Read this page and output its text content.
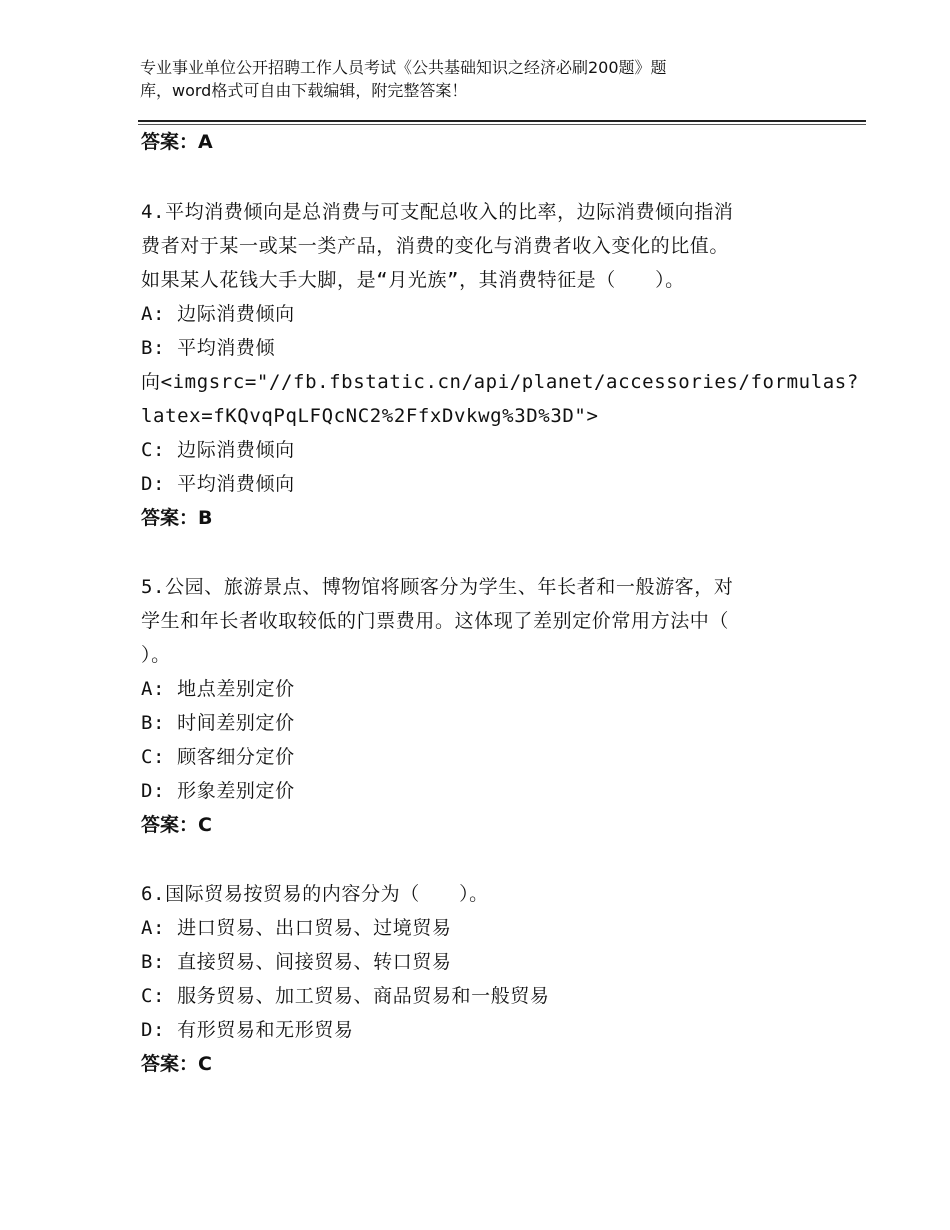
专业事业单位公开招聘工作人员考试《公共基础知识之经济必刷200题》题
库，word格式可自由下载编辑，附完整答案！
答案：A
4.平均消费倾向是总消费与可支配总收入的比率，边际消费倾向指消
费者对于某一或某一类产品，消费的变化与消费者收入变化的比值。
如果某人花钱大手大脚，是“月光族”，其消费特征是（　　）。
A: 边际消费倾向
B: 平均消费倾
向<imgsrc="//fb.fbstatic.cn/api/planet/accessories/formulas?
latex=fKQvqPqLFQcNC2%2FfxDvkwg%3D%3D">
C: 边际消费倾向
D: 平均消费倾向
答案：B
5.公园、旅游景点、博物馆将顾客分为学生、年长者和一般游客，对
学生和年长者收取较低的门票费用。这体现了差别定价常用方法中（
）。
A: 地点差别定价
B: 时间差别定价
C: 顾客细分定价
D: 形象差别定价
答案：C
6.国际贸易按贸易的内容分为（　　）。
A: 进口贸易、出口贸易、过境贸易
B: 直接贸易、间接贸易、转口贸易
C: 服务贸易、加工贸易、商品贸易和一般贸易
D: 有形贸易和无形贸易
答案：C
